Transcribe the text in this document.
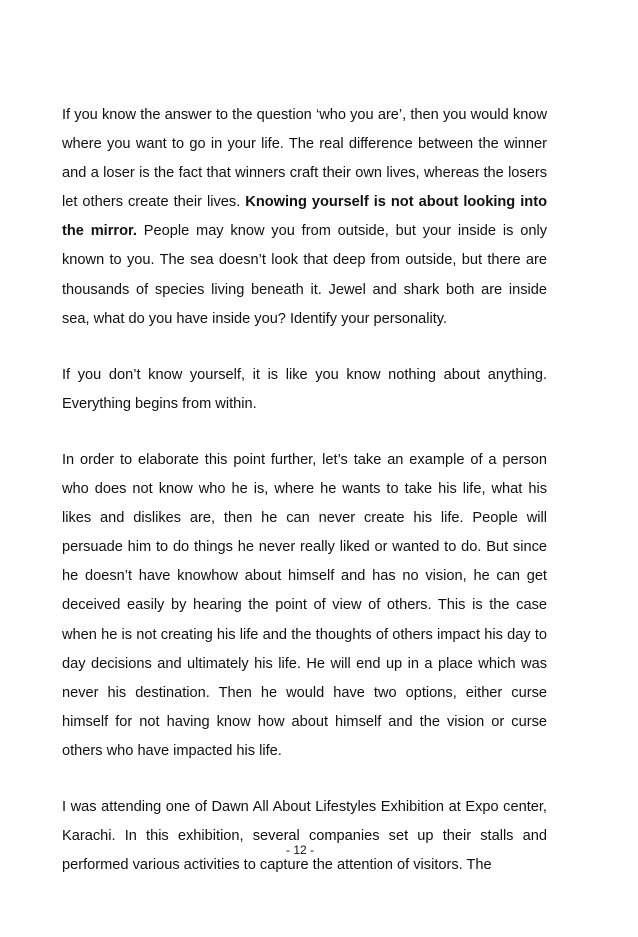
If you know the answer to the question ‘who you are’, then you would know where you want to go in your life. The real difference between the winner and a loser is the fact that winners craft their own lives, whereas the losers let others create their lives. Knowing yourself is not about looking into the mirror. People may know you from outside, but your inside is only known to you. The sea doesn’t look that deep from outside, but there are thousands of species living beneath it. Jewel and shark both are inside sea, what do you have inside you? Identify your personality.

If you don’t know yourself, it is like you know nothing about anything. Everything begins from within.

In order to elaborate this point further, let’s take an example of a person who does not know who he is, where he wants to take his life, what his likes and dislikes are, then he can never create his life. People will persuade him to do things he never really liked or wanted to do. But since he doesn’t have knowhow about himself and has no vision, he can get deceived easily by hearing the point of view of others. This is the case when he is not creating his life and the thoughts of others impact his day to day decisions and ultimately his life. He will end up in a place which was never his destination. Then he would have two options, either curse himself for not having know how about himself and the vision or curse others who have impacted his life.

I was attending one of Dawn All About Lifestyles Exhibition at Expo center, Karachi. In this exhibition, several companies set up their stalls and performed various activities to capture the attention of visitors. The

- 12 -
